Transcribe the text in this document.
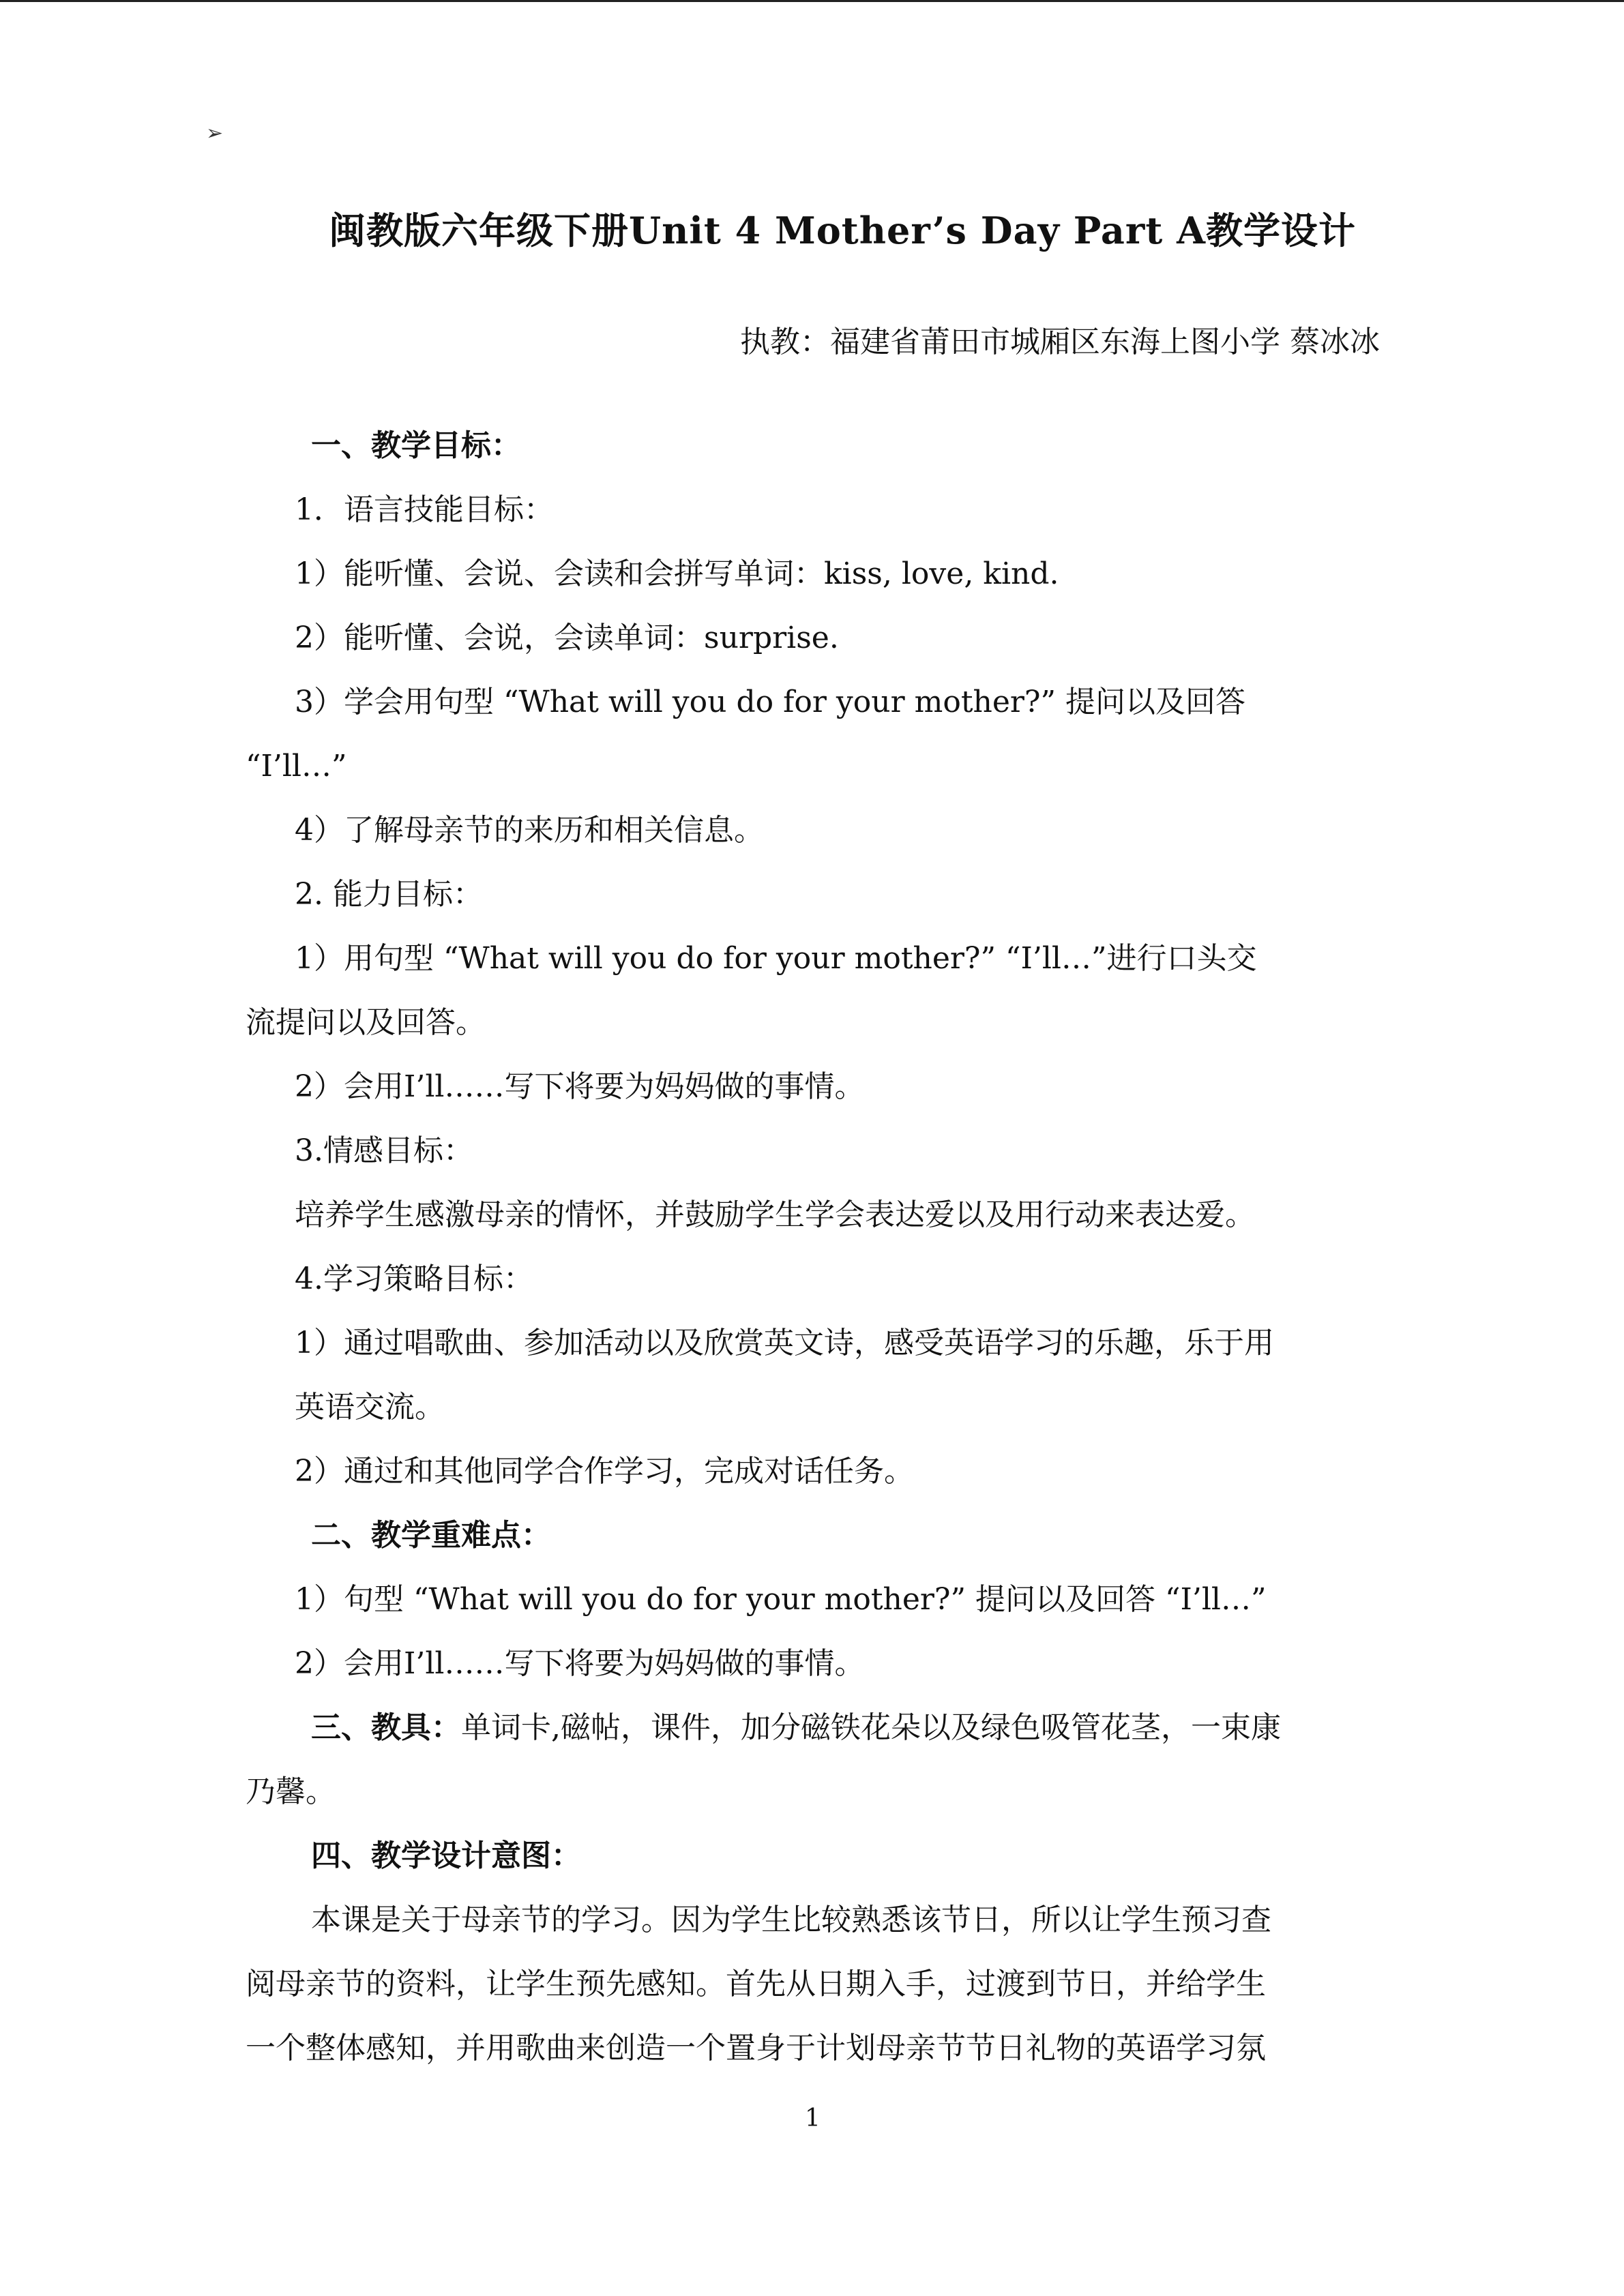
➢
闽教版六年级下册Unit 4 Mother’s Day Part A教学设计
执教：福建省莆田市城厢区东海上图小学 蔡冰冰
一、教学目标：
1．语言技能目标：
1）能听懂、会说、会读和会拼写单词：kiss, love, kind.
2）能听懂、会说，会读单词：surprise.
3）学会用句型 “What will you do for your mother?” 提问以及回答
“I’ll…”
4）了解母亲节的来历和相关信息。
2. 能力目标：
1）用句型 “What will you do for your mother?” “I’ll…”进行口头交
流提问以及回答。
2）会用I’ll……写下将要为妈妈做的事情。
3.情感目标：
培养学生感激母亲的情怀，并鼓励学生学会表达爱以及用行动来表达爱。
4.学习策略目标：
1）通过唱歌曲、参加活动以及欣赏英文诗，感受英语学习的乐趣，乐于用
英语交流。
2）通过和其他同学合作学习，完成对话任务。
二、教学重难点：
1）句型 “What will you do for your mother?” 提问以及回答 “I’ll…”
2）会用I’ll……写下将要为妈妈做的事情。
三、教具：单词卡,磁帖，课件，加分磁铁花朵以及绿色吸管花茎，一束康
乃馨。
四、教学设计意图：
本课是关于母亲节的学习。因为学生比较熟悉该节日，所以让学生预习查
阅母亲节的资料，让学生预先感知。首先从日期入手，过渡到节日，并给学生
一个整体感知，并用歌曲来创造一个置身于计划母亲节节日礼物的英语学习氛
1
